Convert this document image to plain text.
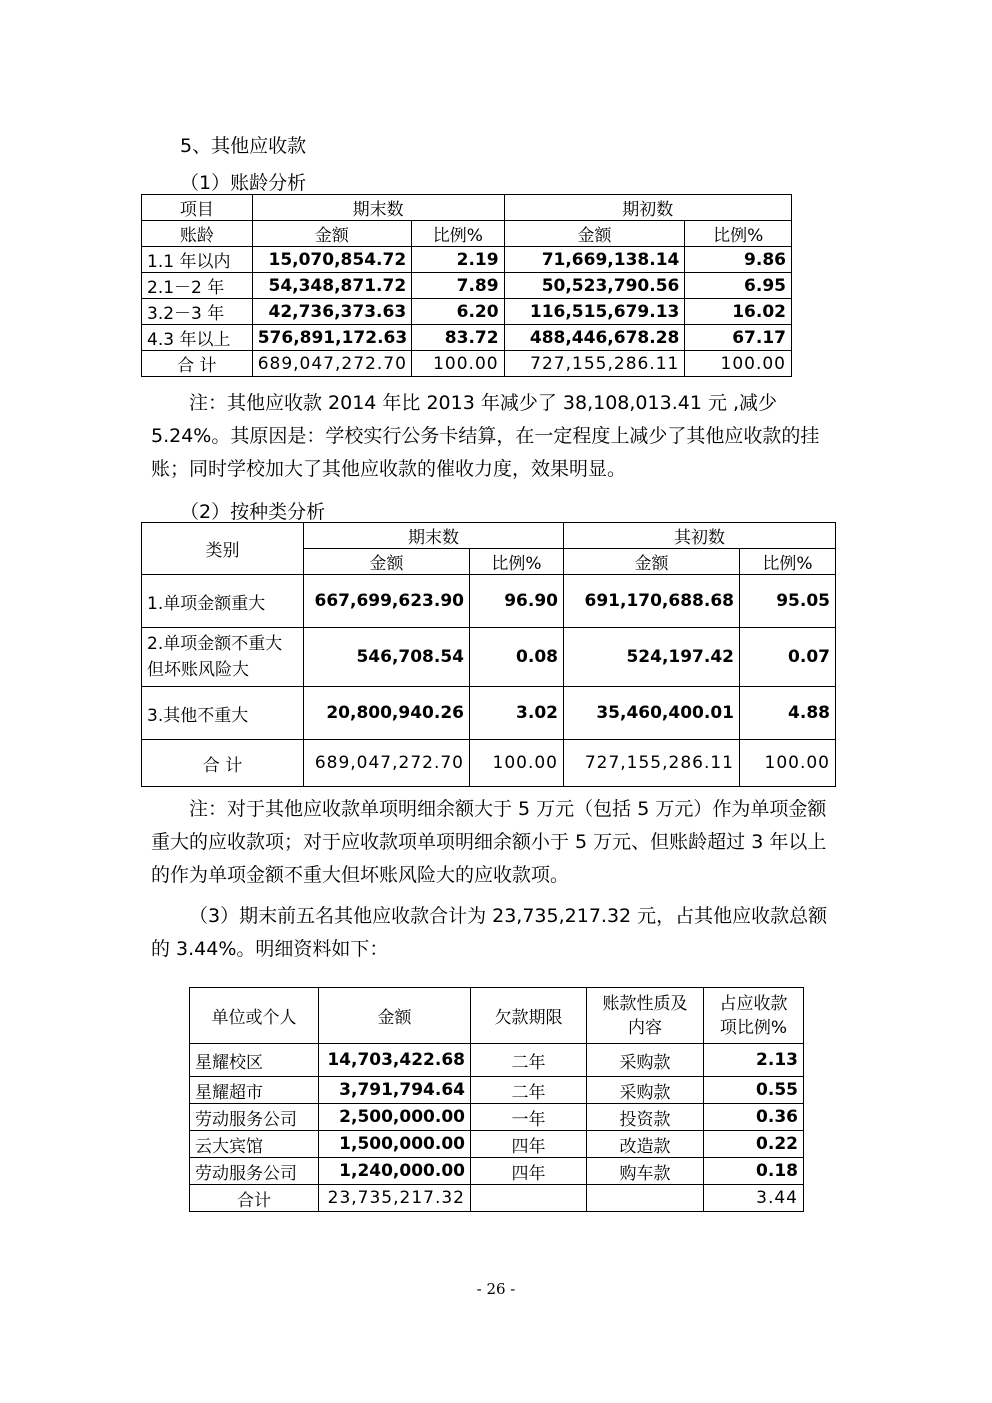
5、其他应收款
（1）账龄分析
项目	期末数		期初数	
账龄	金额	比例%	金额	比例%
1.1 年以内	15,070,854.72	2.19	71,669,138.14	9.86
2.1－2 年	54,348,871.72	7.89	50,523,790.56	6.95
3.2－3 年	42,736,373.63	6.20	116,515,679.13	16.02
4.3 年以上	576,891,172.63	83.72	488,446,678.28	67.17
合 计	689,047,272.70	100.00	727,155,286.11	100.00
注：其他应收款 2014 年比 2013 年减少了 38,108,013.41 元 ,减少 5.24%。其原因是：学校实行公务卡结算，在一定程度上减少了其他应收款的挂账；同时学校加大了其他应收款的催收力度，效果明显。
（2）按种类分析
类别	期末数		其初数	
	金额	比例%	金额	比例%
1.单项金额重大	667,699,623.90	96.90	691,170,688.68	95.05
2.单项金额不重大但坏账风险大	546,708.54	0.08	524,197.42	0.07
3.其他不重大	20,800,940.26	3.02	35,460,400.01	4.88
合 计	689,047,272.70	100.00	727,155,286.11	100.00
注：对于其他应收款单项明细余额大于 5 万元（包括 5 万元）作为单项金额重大的应收款项；对于应收款项单项明细余额小于 5 万元、但账龄超过 3 年以上的作为单项金额不重大但坏账风险大的应收款项。
（3）期末前五名其他应收款合计为 23,735,217.32 元，占其他应收款总额的 3.44%。明细资料如下：
单位或个人	金额	欠款期限	账款性质及内容	占应收款项比例%
星耀校区	14,703,422.68	二年	采购款	2.13
星耀超市	3,791,794.64	二年	采购款	0.55
劳动服务公司	2,500,000.00	一年	投资款	0.36
云大宾馆	1,500,000.00	四年	改造款	0.22
劳动服务公司	1,240,000.00	四年	购车款	0.18
合计	23,735,217.32			3.44
- 26 -
